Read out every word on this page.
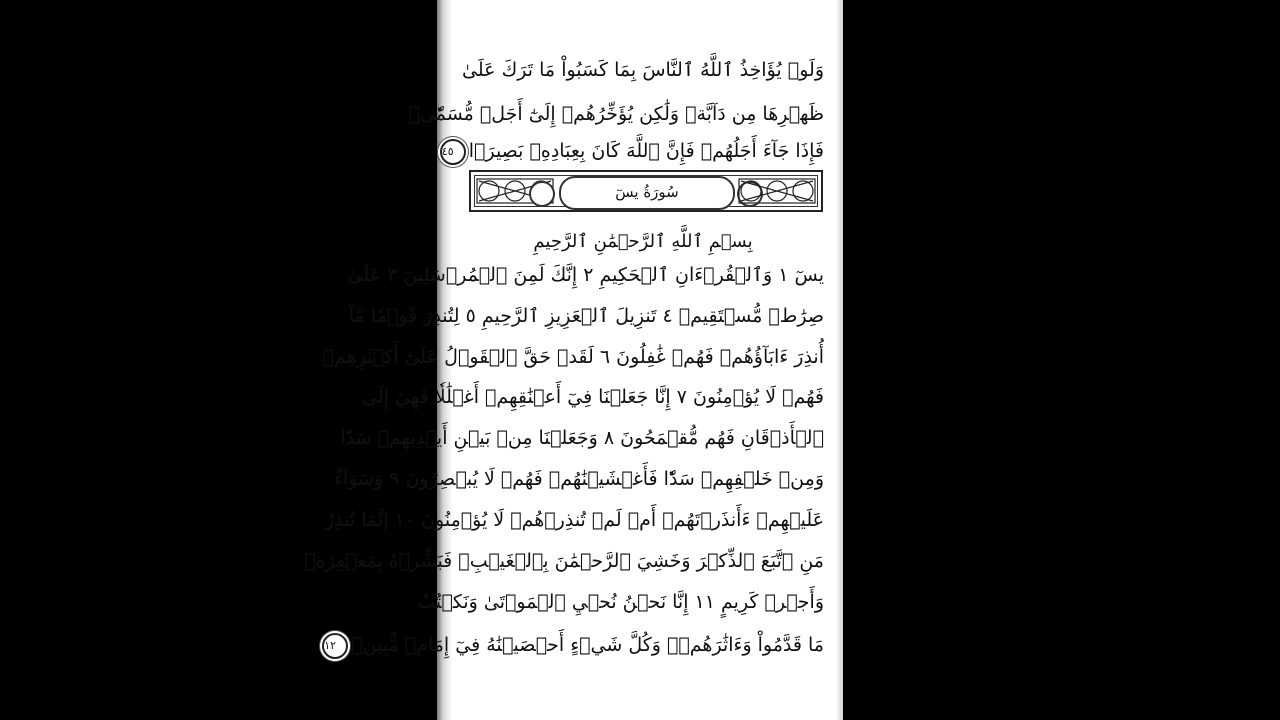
وَلَوۡ يُؤَاخِذُ ٱللَّهُ ٱلنَّاسَ بِمَا كَسَبُواْ مَا تَرَكَ عَلَىٰ
ظَهۡرِهَا مِن دَآبَّةٖ وَلَٰكِن يُؤَخِّرُهُمۡ إِلَىٰٓ أَجَلٖ مُّسَمّٗىۖ
فَإِذَا جَآءَ أَجَلُهُمۡ فَإِنَّ ٱللَّهَ كَانَ بِعِبَادِهِۦ بَصِيرَۢا٤٥
سُورَةُ يسٓ
بِسۡمِ ٱللَّهِ ٱلرَّحۡمَٰنِ ٱلرَّحِيمِ
يسٓ ١ وَٱلۡقُرۡءَانِ ٱلۡحَكِيمِ ٢ إِنَّكَ لَمِنَ ٱلۡمُرۡسَلِينَ ٣ عَلَىٰ
صِرَٰطٖ مُّسۡتَقِيمٖ ٤ تَنزِيلَ ٱلۡعَزِيزِ ٱلرَّحِيمِ ٥ لِتُنذِرَ قَوۡمٗا مَّآ
أُنذِرَ ءَابَآؤُهُمۡ فَهُمۡ غَٰفِلُونَ ٦ لَقَدۡ حَقَّ ٱلۡقَوۡلُ عَلَىٰٓ أَكۡثَرِهِمۡ
فَهُمۡ لَا يُؤۡمِنُونَ ٧ إِنَّا جَعَلۡنَا فِيٓ أَعۡنَٰقِهِمۡ أَغۡلَٰلٗا فَهِيَ إِلَى
ٱلۡأَذۡقَانِ فَهُم مُّقۡمَحُونَ ٨ وَجَعَلۡنَا مِنۢ بَيۡنِ أَيۡدِيهِمۡ سَدّٗا
وَمِنۡ خَلۡفِهِمۡ سَدّٗا فَأَغۡشَيۡنَٰهُمۡ فَهُمۡ لَا يُبۡصِرُونَ ٩ وَسَوَآءٌ
عَلَيۡهِمۡ ءَأَنذَرۡتَهُمۡ أَمۡ لَمۡ تُنذِرۡهُمۡ لَا يُؤۡمِنُونَ ١٠ إِنَّمَا تُنذِرُ
مَنِ ٱتَّبَعَ ٱلذِّكۡرَ وَخَشِيَ ٱلرَّحۡمَٰنَ بِٱلۡغَيۡبِۖ فَبَشِّرۡهُ بِمَغۡفِرَةٖ
وَأَجۡرٖ كَرِيمٍ ١١ إِنَّا نَحۡنُ نُحۡيِ ٱلۡمَوۡتَىٰ وَنَكۡتُبُ
مَا قَدَّمُواْ وَءَاثَٰرَهُمۡۚ وَكُلَّ شَيۡءٍ أَحۡصَيۡنَٰهُ فِيٓ إِمَامٖ مُّبِينٖ١٢
